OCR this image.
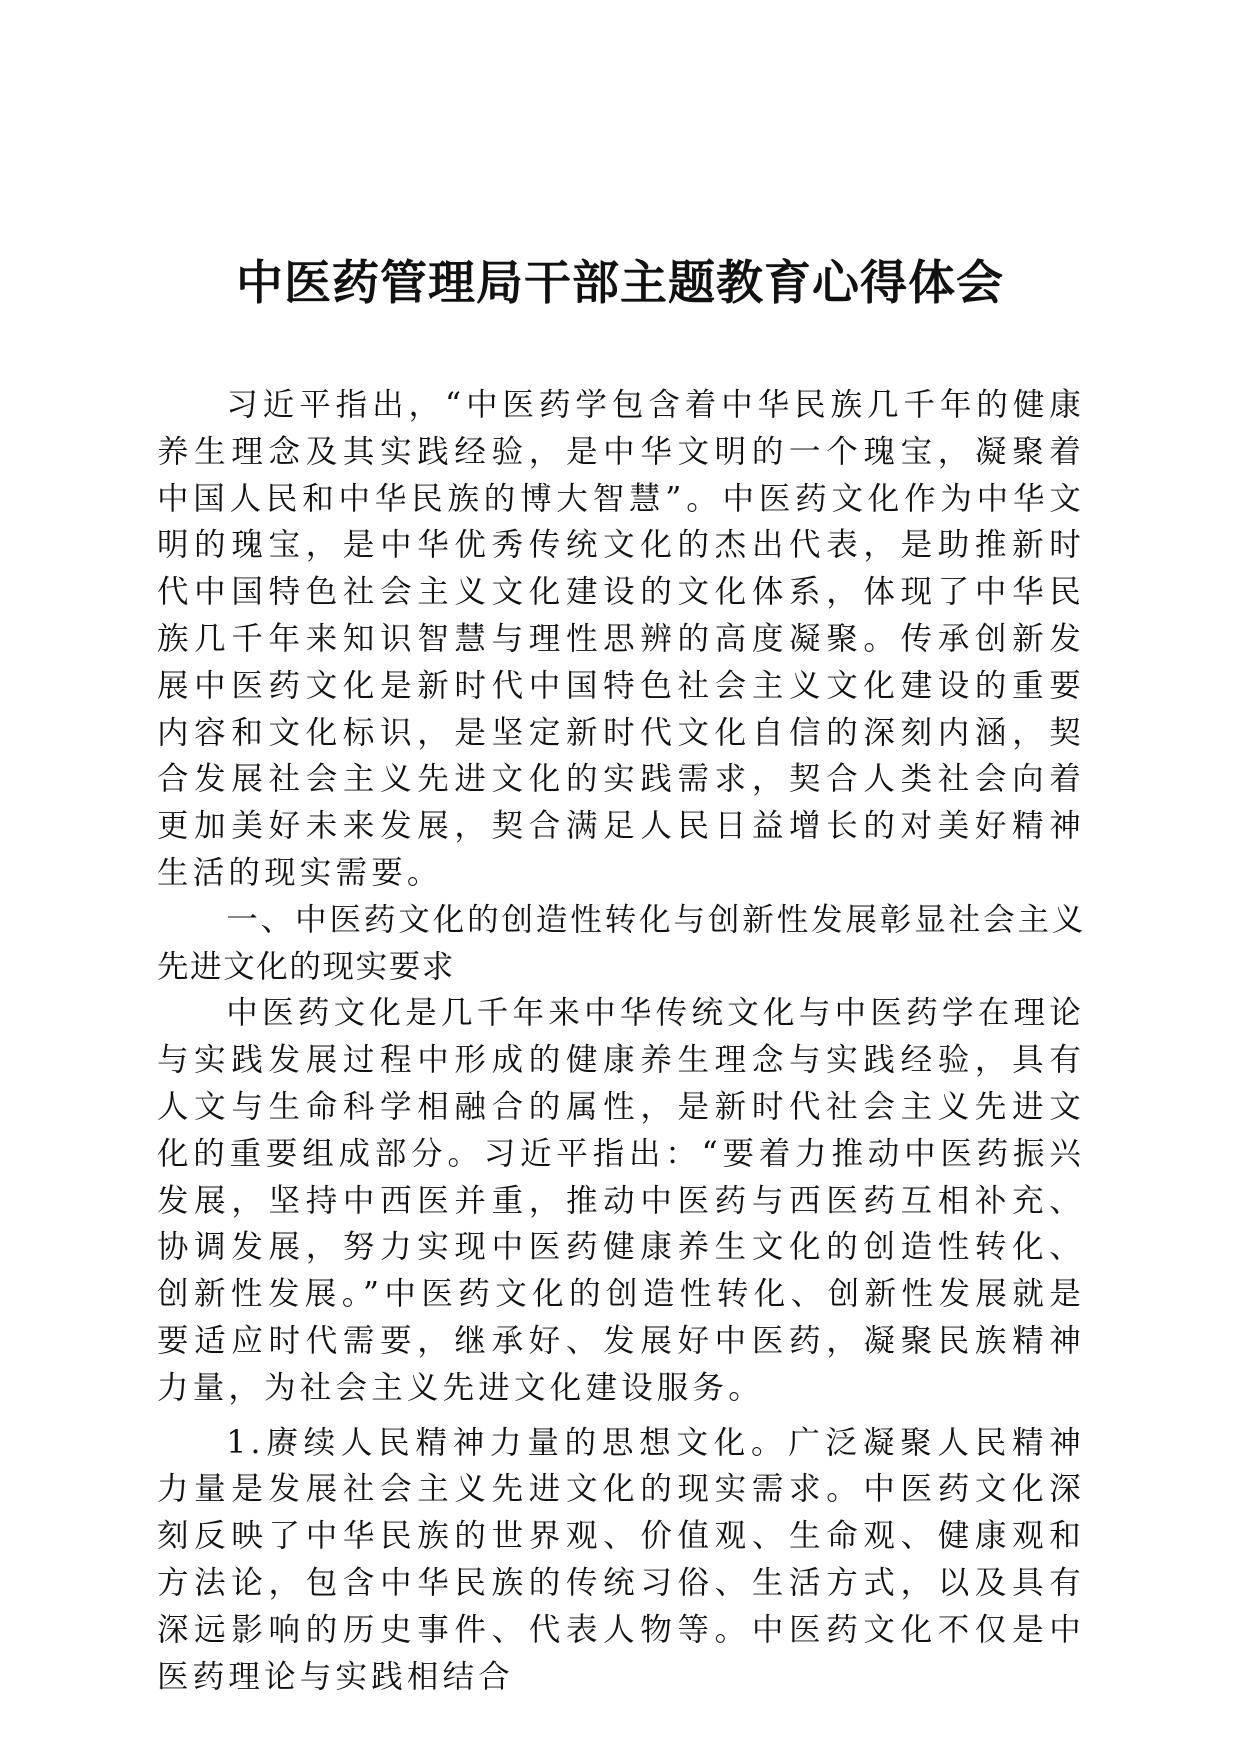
中医药管理局干部主题教育心得体会

习近平指出，“中医药学包含着中华民族几千年的健康养生理念及其实践经验，是中华文明的一个瑰宝，凝聚着中国人民和中华民族的博大智慧”。中医药文化作为中华文明的瑰宝，是中华优秀传统文化的杰出代表，是助推新时代中国特色社会主义文化建设的文化体系，体现了中华民族几千年来知识智慧与理性思辨的高度凝聚。传承创新发展中医药文化是新时代中国特色社会主义文化建设的重要内容和文化标识，是坚定新时代文化自信的深刻内涵，契合发展社会主义先进文化的实践需求，契合人类社会向着更加美好未来发展，契合满足人民日益增长的对美好精神生活的现实需要。

一、中医药文化的创造性转化与创新性发展彰显社会主义先进文化的现实要求

中医药文化是几千年来中华传统文化与中医药学在理论与实践发展过程中形成的健康养生理念与实践经验，具有人文与生命科学相融合的属性，是新时代社会主义先进文化的重要组成部分。习近平指出：“要着力推动中医药振兴发展，坚持中西医并重，推动中医药与西医药互相补充、协调发展，努力实现中医药健康养生文化的创造性转化、创新性发展。”中医药文化的创造性转化、创新性发展就是要适应时代需要，继承好、发展好中医药，凝聚民族精神力量，为社会主义先进文化建设服务。

1.赓续人民精神力量的思想文化。广泛凝聚人民精神力量是发展社会主义先进文化的现实需求。中医药文化深刻反映了中华民族的世界观、价值观、生命观、健康观和方法论，包含中华民族的传统习俗、生活方式，以及具有深远影响的历史事件、代表人物等。中医药文化不仅是中医药理论与实践相结合
